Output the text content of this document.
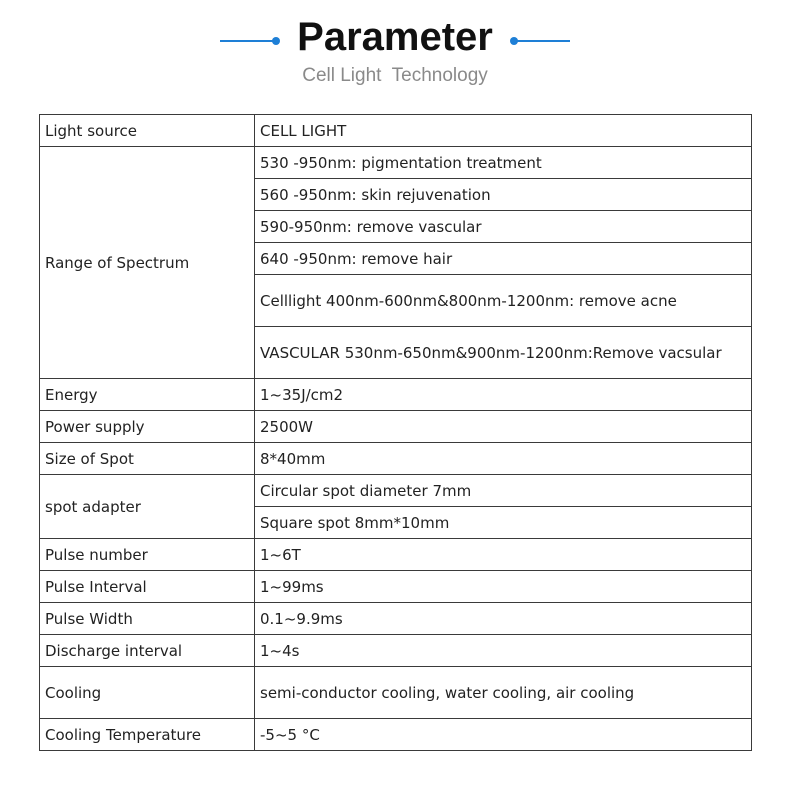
Parameter
Cell Light  Technology
Light source	CELL LIGHT
Range of Spectrum	530 -950nm: pigmentation treatment
	560 -950nm: skin rejuvenation
	590-950nm: remove vascular
	640 -950nm: remove hair
	Celllight 400nm-600nm&800nm-1200nm: remove acne
	VASCULAR 530nm-650nm&900nm-1200nm:Remove vacsular
Energy	1~35J/cm2
Power supply	2500W
Size of Spot	8*40mm
spot adapter	Circular spot diameter 7mm
	Square spot 8mm*10mm
Pulse number	1~6T
Pulse Interval	1~99ms
Pulse Width	0.1~9.9ms
Discharge interval	1~4s
Cooling	semi-conductor cooling, water cooling, air cooling
Cooling Temperature	-5~5 °C
